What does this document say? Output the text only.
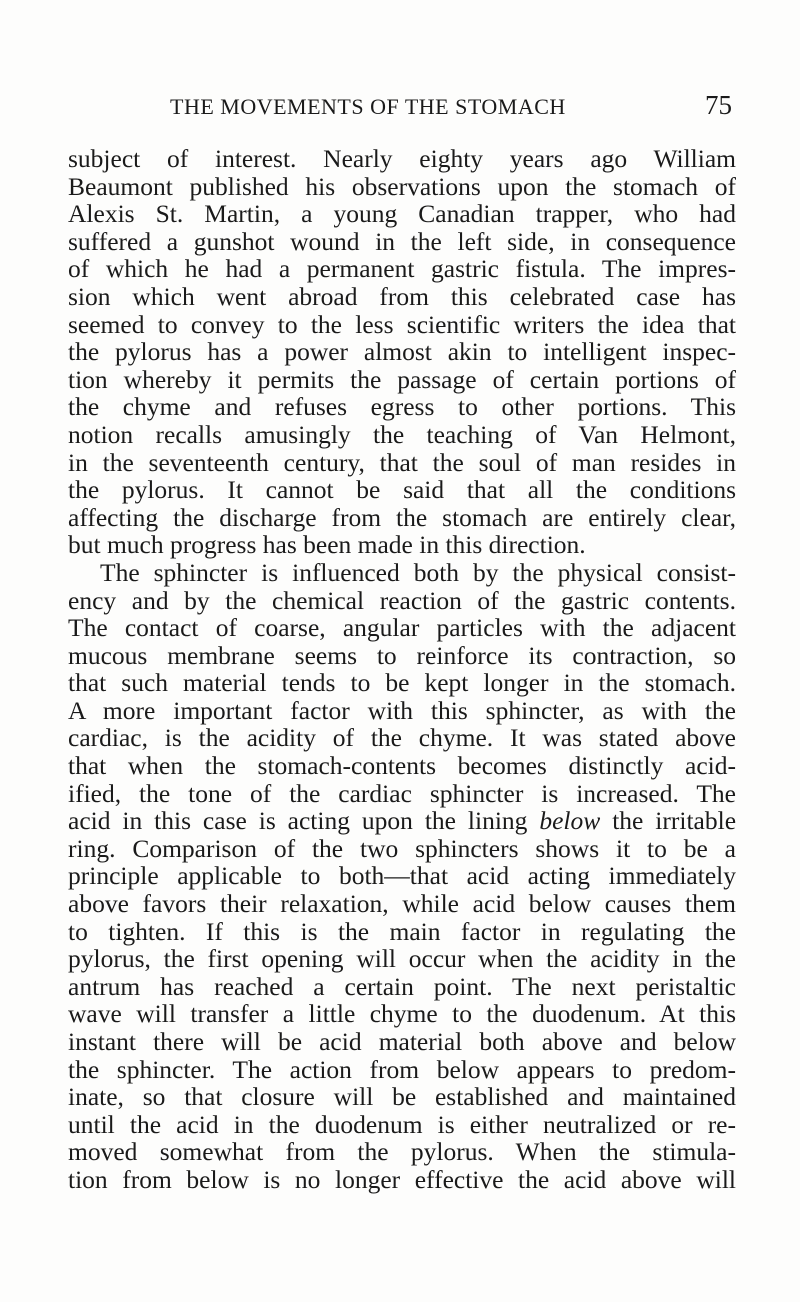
THE MOVEMENTS OF THE STOMACH	75
subject of interest. Nearly eighty years ago William
Beaumont published his observations upon the stomach of
Alexis St. Martin, a young Canadian trapper, who had
suffered a gunshot wound in the left side, in consequence
of which he had a permanent gastric fistula. The impres-
sion which went abroad from this celebrated case has
seemed to convey to the less scientific writers the idea that
the pylorus has a power almost akin to intelligent inspec-
tion whereby it permits the passage of certain portions of
the chyme and refuses egress to other portions. This
notion recalls amusingly the teaching of Van Helmont,
in the seventeenth century, that the soul of man resides in
the pylorus. It cannot be said that all the conditions
affecting the discharge from the stomach are entirely clear,
but much progress has been made in this direction.
The sphincter is influenced both by the physical consist-
ency and by the chemical reaction of the gastric contents.
The contact of coarse, angular particles with the adjacent
mucous membrane seems to reinforce its contraction, so
that such material tends to be kept longer in the stomach.
A more important factor with this sphincter, as with the
cardiac, is the acidity of the chyme. It was stated above
that when the stomach-contents becomes distinctly acid-
ified, the tone of the cardiac sphincter is increased. The
acid in this case is acting upon the lining below the irritable
ring. Comparison of the two sphincters shows it to be a
principle applicable to both—that acid acting immediately
above favors their relaxation, while acid below causes them
to tighten. If this is the main factor in regulating the
pylorus, the first opening will occur when the acidity in the
antrum has reached a certain point. The next peristaltic
wave will transfer a little chyme to the duodenum. At this
instant there will be acid material both above and below
the sphincter. The action from below appears to predom-
inate, so that closure will be established and maintained
until the acid in the duodenum is either neutralized or re-
moved somewhat from the pylorus. When the stimula-
tion from below is no longer effective the acid above will
